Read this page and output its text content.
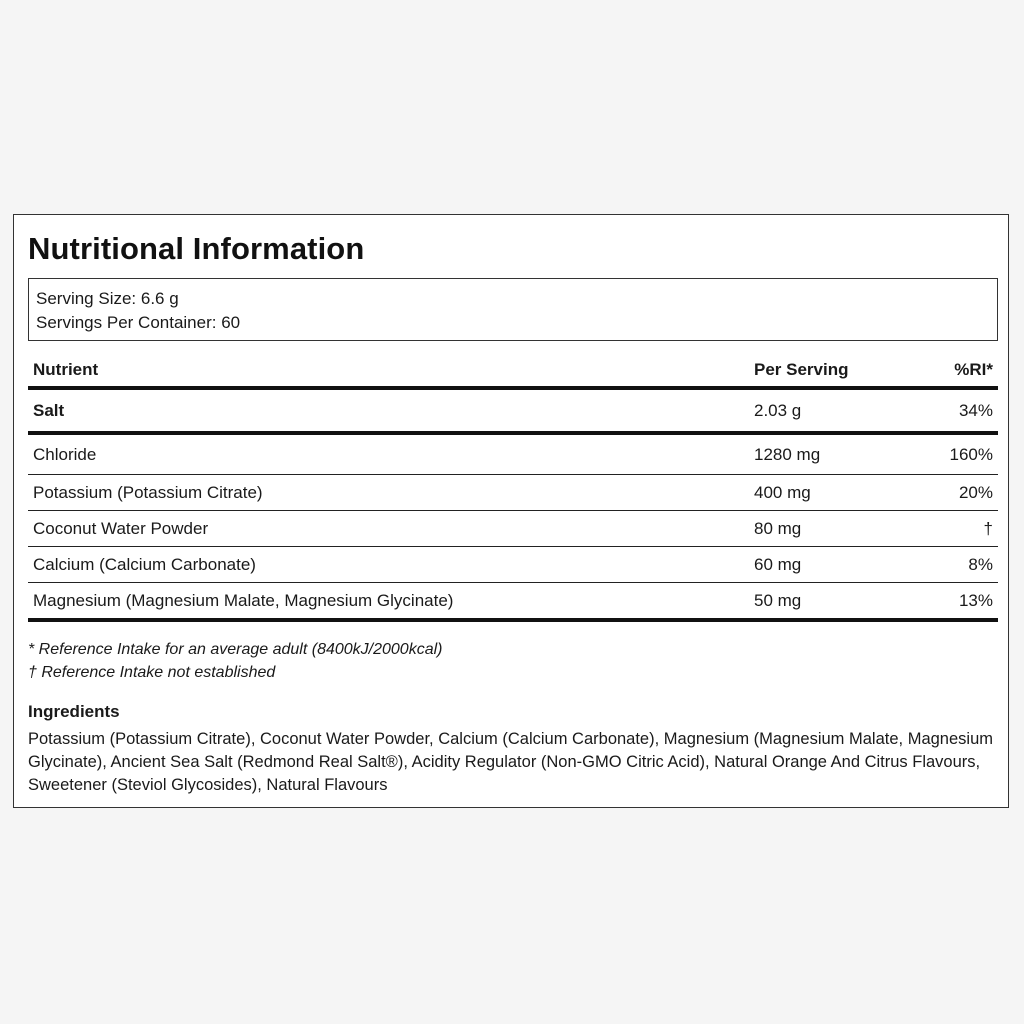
Nutritional Information
Serving Size: 6.6 g
Servings Per Container: 60
Nutrient	Per Serving	%RI*
Salt	2.03 g	34%
Chloride	1280 mg	160%
Potassium (Potassium Citrate)	400 mg	20%
Coconut Water Powder	80 mg	†
Calcium (Calcium Carbonate)	60 mg	8%
Magnesium (Magnesium Malate, Magnesium Glycinate)	50 mg	13%
* Reference Intake for an average adult (8400kJ/2000kcal)
† Reference Intake not established
Ingredients
Potassium (Potassium Citrate), Coconut Water Powder, Calcium (Calcium Carbonate), Magnesium (Magnesium Malate, Magnesium Glycinate), Ancient Sea Salt (Redmond Real Salt®), Acidity Regulator (Non-GMO Citric Acid), Natural Orange And Citrus Flavours, Sweetener (Steviol Glycosides), Natural Flavours
